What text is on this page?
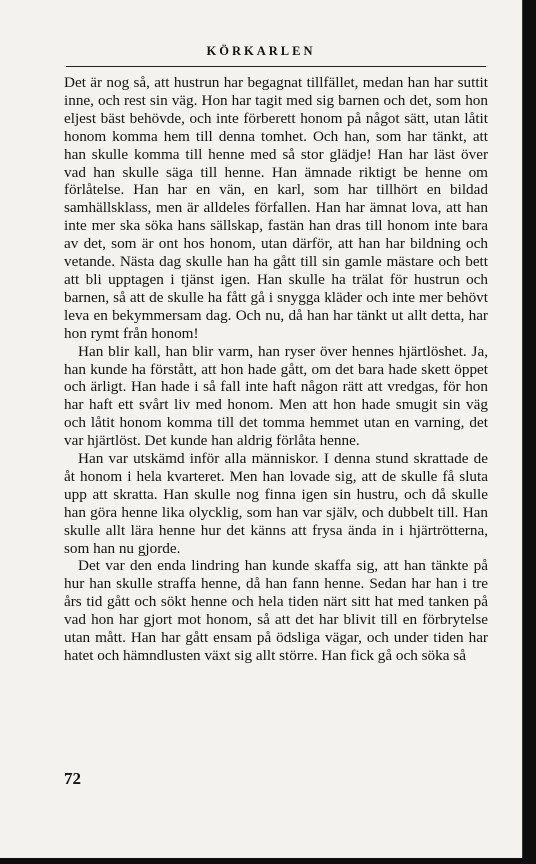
KÖRKARLEN

Det är nog så, att hustrun har begagnat tillfället, medan han har suttit inne, och rest sin väg. Hon har tagit med sig barnen och det, som hon eljest bäst behövde, och inte förberett honom på något sätt, utan låtit honom komma hem till denna tomhet. Och han, som har tänkt, att han skulle komma till henne med så stor glädje! Han har läst över vad han skulle säga till henne. Han ämnade riktigt be henne om förlåtelse. Han har en vän, en karl, som har tillhört en bildad samhällsklass, men är alldeles förfallen. Han har ämnat lova, att han inte mer ska söka hans sällskap, fastän han dras till honom inte bara av det, som är ont hos honom, utan därför, att han har bildning och vetande. Nästa dag skulle han ha gått till sin gamle mästare och bett att bli upptagen i tjänst igen. Han skulle ha trälat för hustrun och barnen, så att de skulle ha fått gå i snygga kläder och inte mer behövt leva en bekymmersam dag. Och nu, då han har tänkt ut allt detta, har hon rymt från honom!

Han blir kall, han blir varm, han ryser över hennes hjärtlöshet. Ja, han kunde ha förstått, att hon hade gått, om det bara hade skett öppet och ärligt. Han hade i så fall inte haft någon rätt att vredgas, för hon har haft ett svårt liv med honom. Men att hon hade smugit sin väg och låtit honom komma till det tomma hemmet utan en varning, det var hjärtlöst. Det kunde han aldrig förlåta henne.

Han var utskämd inför alla människor. I denna stund skrattade de åt honom i hela kvarteret. Men han lovade sig, att de skulle få sluta upp att skratta. Han skulle nog finna igen sin hustru, och då skulle han göra henne lika olycklig, som han var själv, och dubbelt till. Han skulle allt lära henne hur det känns att frysa ända in i hjärtrötterna, som han nu gjorde.

Det var den enda lindring han kunde skaffa sig, att han tänkte på hur han skulle straffa henne, då han fann henne. Sedan har han i tre års tid gått och sökt henne och hela tiden närt sitt hat med tanken på vad hon har gjort mot honom, så att det har blivit till en förbrytelse utan mått. Han har gått ensam på ödsliga vägar, och under tiden har hatet och hämndlusten växt sig allt större. Han fick gå och söka så

72
